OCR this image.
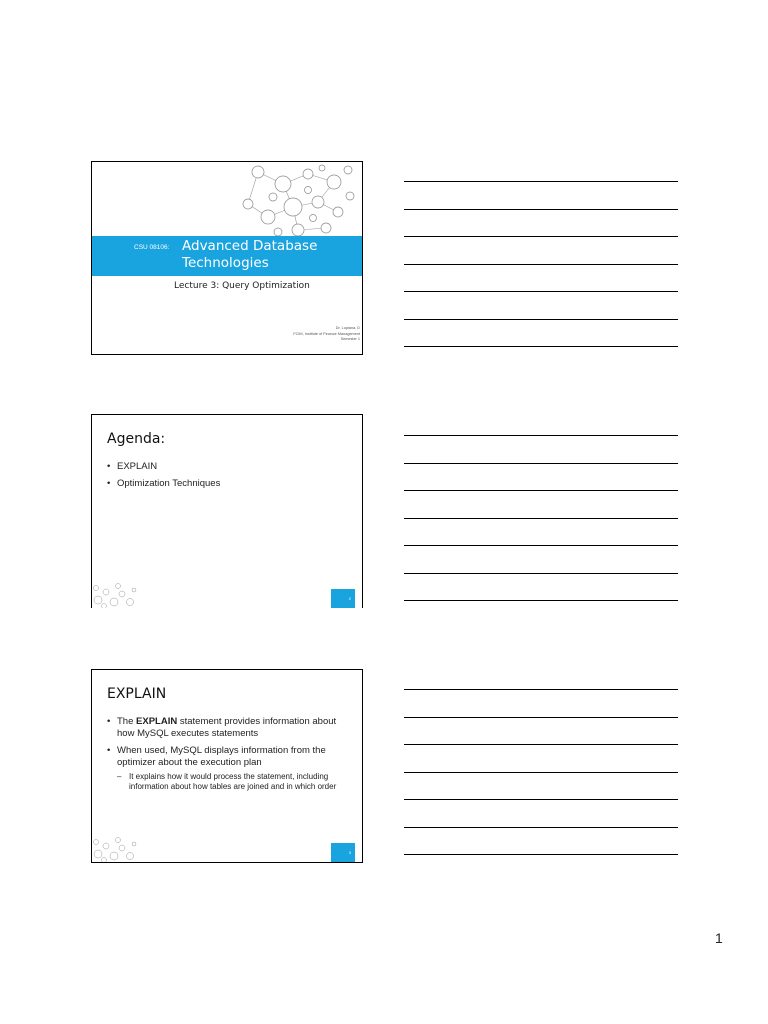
CSU 08106: Advanced Database
Technologies
Lecture 3: Query Optimization
Dr. Lupiana, D
FCIM, Institute of Finance Management
Semester 1
Agenda:
• EXPLAIN
• Optimization Techniques
2
EXPLAIN
• The EXPLAIN statement provides information about how MySQL executes statements
• When used, MySQL displays information from the optimizer about the execution plan
– It explains how it would process the statement, including information about how tables are joined and in which order
3
1
